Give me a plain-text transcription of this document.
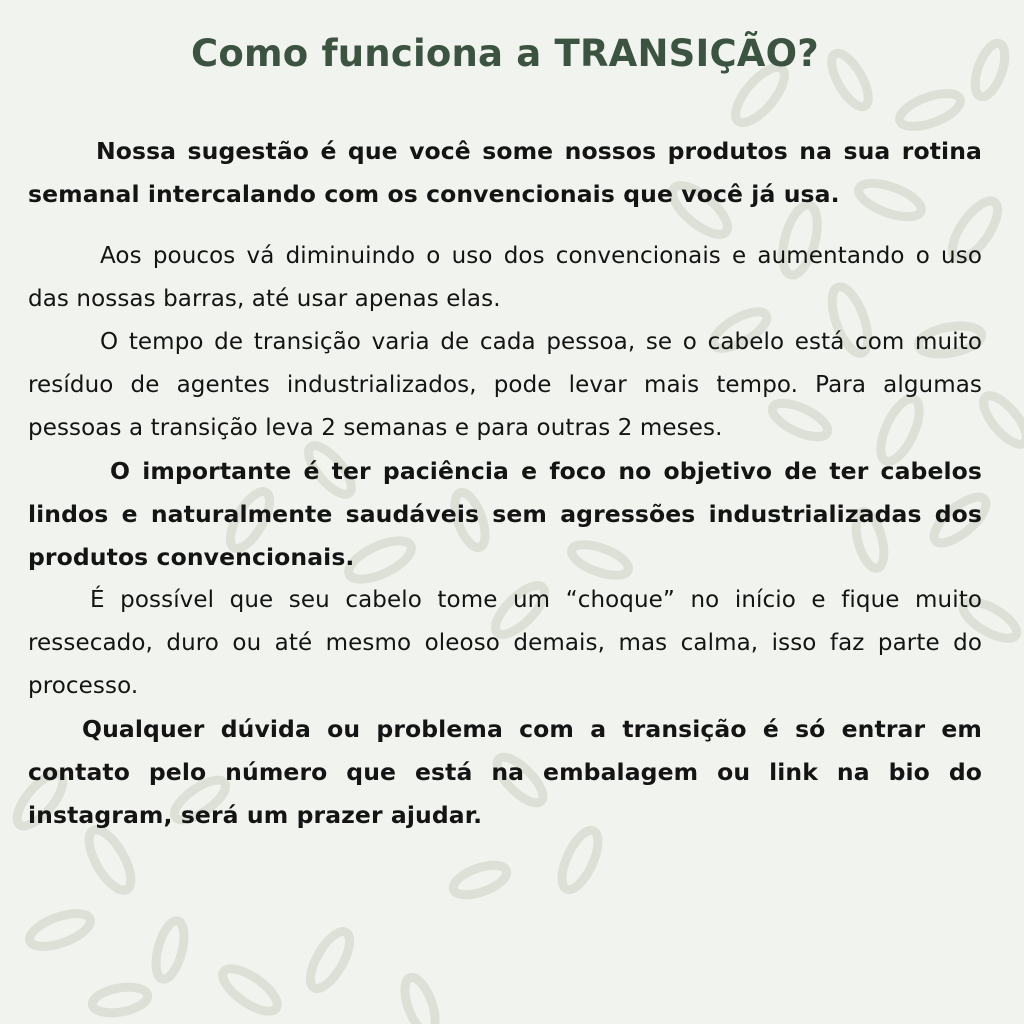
Como funciona a TRANSIÇÃO?

Nossa sugestão é que você some nossos produtos na sua rotina semanal intercalando com os convencionais que você já usa.

Aos poucos vá diminuindo o uso dos convencionais e aumentando o uso das nossas barras, até usar apenas elas.

O tempo de transição varia de cada pessoa, se o cabelo está com muito resíduo de agentes industrializados, pode levar mais tempo. Para algumas pessoas a transição leva 2 semanas e para outras 2 meses.

O importante é ter paciência e foco no objetivo de ter cabelos lindos e naturalmente saudáveis sem agressões industrializadas dos produtos convencionais.

É possível que seu cabelo tome um “choque” no início e fique muito ressecado, duro ou até mesmo oleoso demais, mas calma, isso faz parte do processo.

Qualquer dúvida ou problema com a transição é só entrar em contato pelo número que está na embalagem ou link na bio do instagram, será um prazer ajudar.
